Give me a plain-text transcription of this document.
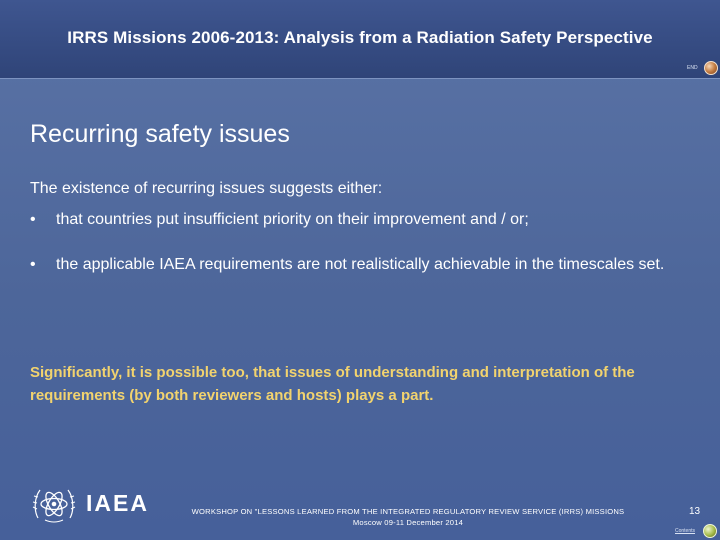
IRRS Missions 2006-2013: Analysis from a Radiation Safety Perspective
END
Recurring safety issues
The existence of recurring issues suggests either:
•	that countries put insufficient priority on their improvement and / or;
•	the applicable IAEA requirements are not realistically achievable in the timescales set.
Significantly, it is possible too, that issues of understanding and interpretation of the requirements (by both reviewers and hosts) plays a part.
IAEA	WORKSHOP ON "LESSONS LEARNED FROM THE INTEGRATED REGULATORY REVIEW SERVICE (IRRS) MISSIONS
Moscow 09-11 December 2014
13
Contents
